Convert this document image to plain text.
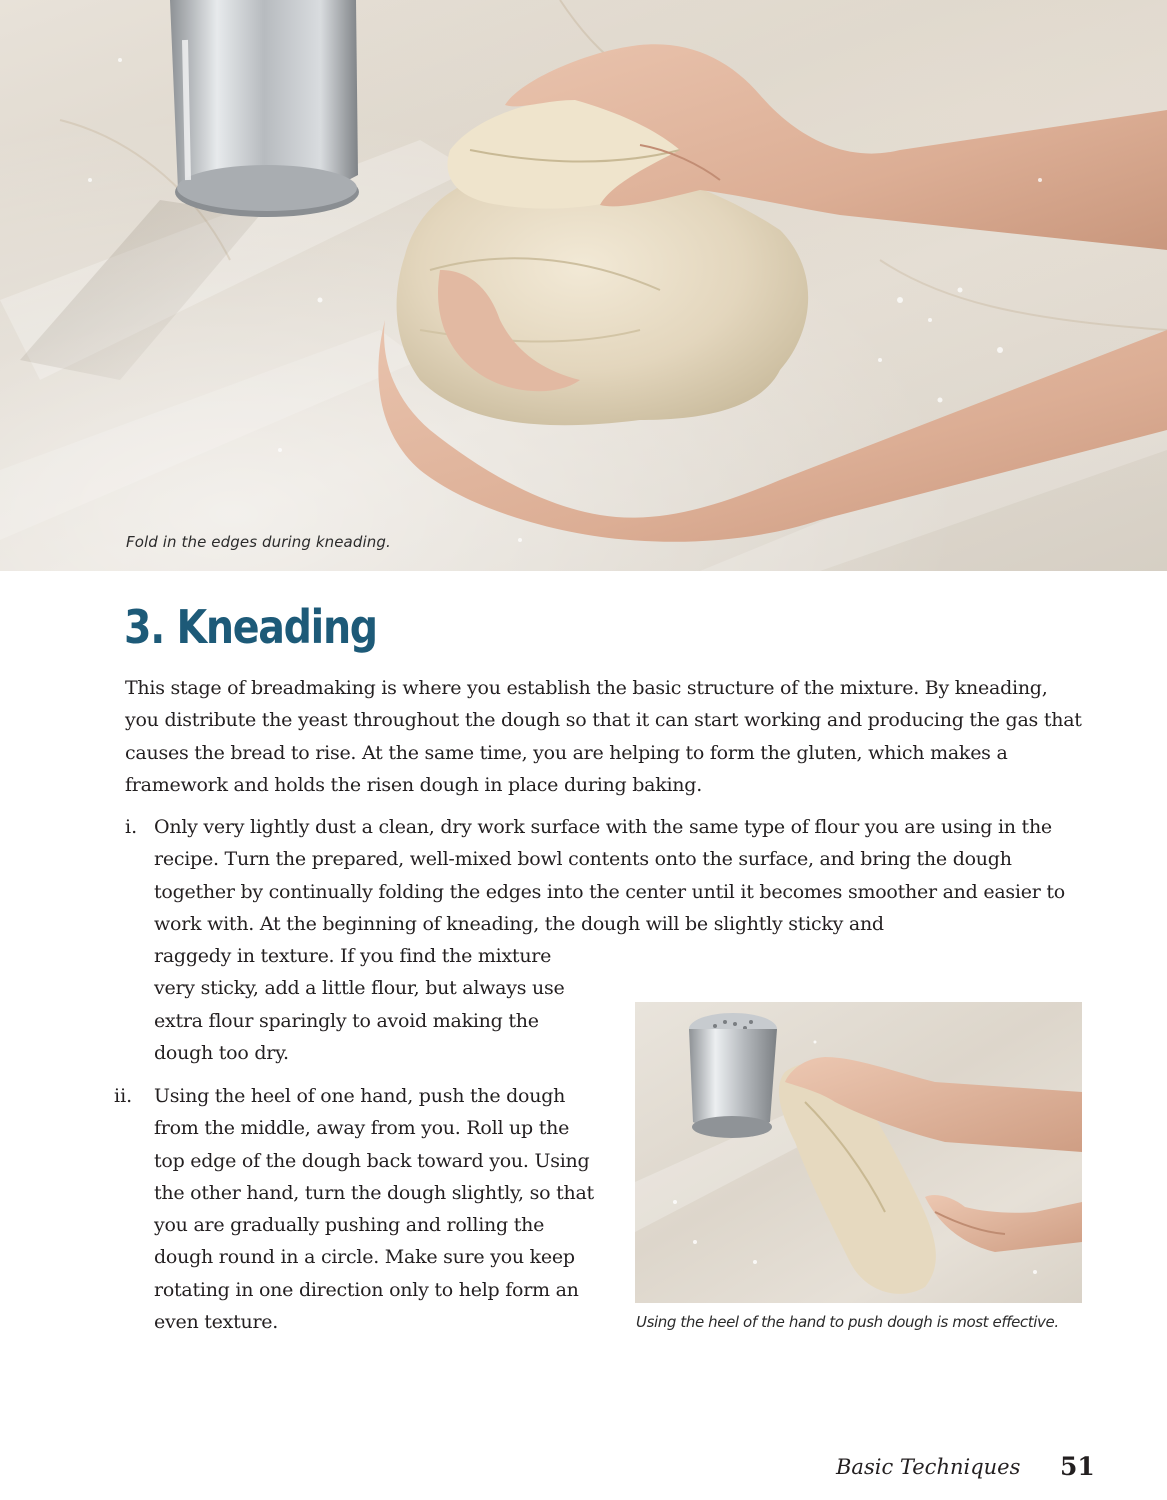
Fold in the edges during kneading.
3. Kneading

This stage of breadmaking is where you establish the basic structure of the mixture. By kneading, you distribute the yeast throughout the dough so that it can start working and producing the gas that causes the bread to rise. At the same time, you are helping to form the gluten, which makes a framework and holds the risen dough in place during baking.

i. Only very lightly dust a clean, dry work surface with the same type of flour you are using in the recipe. Turn the prepared, well-mixed bowl contents onto the surface, and bring the dough together by continually folding the edges into the center until it becomes smoother and easier to work with. At the beginning of kneading, the dough will be slightly sticky and

raggedy in texture. If you find the mixture very sticky, add a little flour, but always use extra flour sparingly to avoid making the dough too dry.

ii. Using the heel of one hand, push the dough from the middle, away from you. Roll up the top edge of the dough back toward you. Using the other hand, turn the dough slightly, so that you are gradually pushing and rolling the dough round in a circle. Make sure you keep rotating in one direction only to help form an even texture.	Using the heel of the hand to push dough is most effective.
Basic Techniques 51
